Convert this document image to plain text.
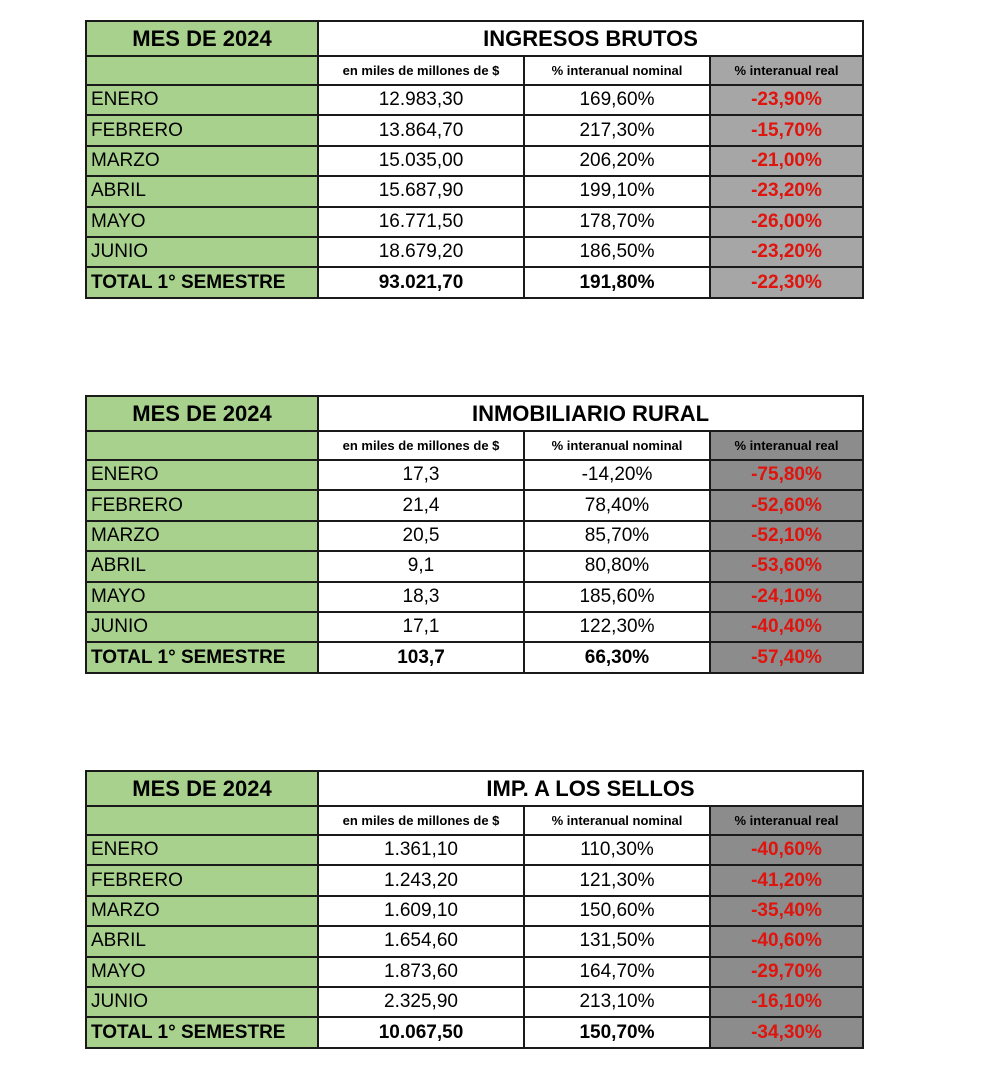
MES DE 2024	INGRESOS BRUTOS		
	en miles de millones de $	% interanual nominal	% interanual real
ENERO	12.983,30	169,60%	-23,90%
FEBRERO	13.864,70	217,30%	-15,70%
MARZO	15.035,00	206,20%	-21,00%
ABRIL	15.687,90	199,10%	-23,20%
MAYO	16.771,50	178,70%	-26,00%
JUNIO	18.679,20	186,50%	-23,20%
TOTAL 1° SEMESTRE	93.021,70	191,80%	-22,30%
MES DE 2024	INMOBILIARIO RURAL		
	en miles de millones de $	% interanual nominal	% interanual real
ENERO	17,3	-14,20%	-75,80%
FEBRERO	21,4	78,40%	-52,60%
MARZO	20,5	85,70%	-52,10%
ABRIL	9,1	80,80%	-53,60%
MAYO	18,3	185,60%	-24,10%
JUNIO	17,1	122,30%	-40,40%
TOTAL 1° SEMESTRE	103,7	66,30%	-57,40%
MES DE 2024	IMP. A LOS SELLOS		
	en miles de millones de $	% interanual nominal	% interanual real
ENERO	1.361,10	110,30%	-40,60%
FEBRERO	1.243,20	121,30%	-41,20%
MARZO	1.609,10	150,60%	-35,40%
ABRIL	1.654,60	131,50%	-40,60%
MAYO	1.873,60	164,70%	-29,70%
JUNIO	2.325,90	213,10%	-16,10%
TOTAL 1° SEMESTRE	10.067,50	150,70%	-34,30%
